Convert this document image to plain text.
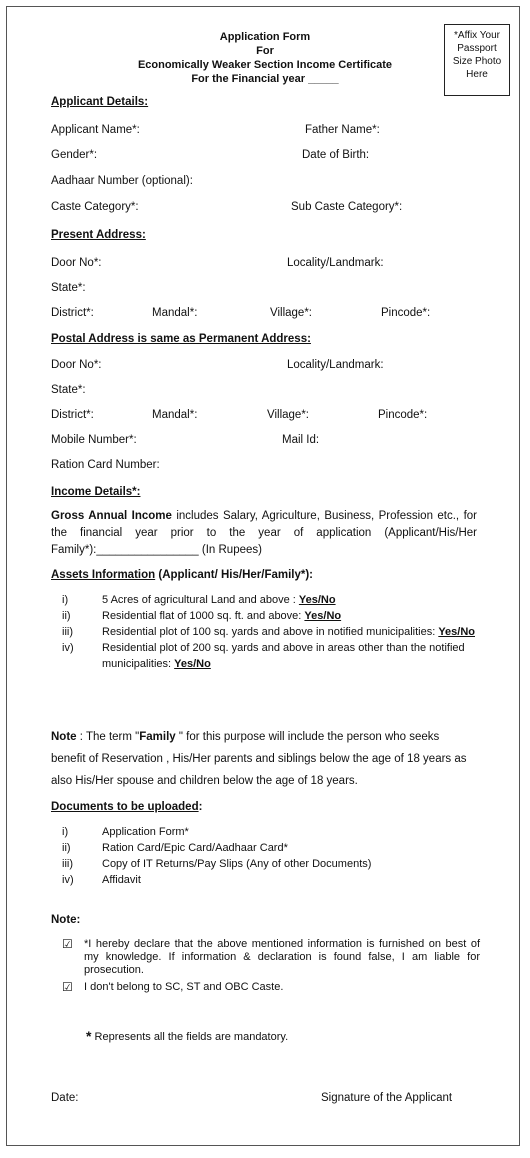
Application Form
For
Economically Weaker Section Income Certificate
For the Financial year _____
*Affix Your
Passport
Size Photo
Here
Applicant Details:
Applicant Name*:	Father Name*:
Gender*:	Date of Birth:
Aadhaar Number (optional):
Caste Category*:	Sub Caste Category*:
Present Address:
Door No*:	Locality/Landmark:
State*:
District*:	Mandal*:	Village*:	Pincode*:
Postal Address is same as Permanent Address:
Door No*:	Locality/Landmark:
State*:
District*:	Mandal*:	Village*:	Pincode*:
Mobile Number*:	Mail Id:
Ration Card Number:
Income Details*:
Gross Annual Income includes Salary, Agriculture, Business, Profession etc., for the financial year prior to the year of application (Applicant/His/Her Family*):________________ (In Rupees)
Assets Information (Applicant/ His/Her/Family*):
i)	5 Acres of agricultural Land and above : Yes/No
ii)	Residential flat of 1000 sq. ft. and above: Yes/No
iii)	Residential plot of 100 sq. yards and above in notified municipalities: Yes/No
iv)	Residential plot of 200 sq. yards and above in areas other than the notified municipalities: Yes/No
Note : The term "Family " for this purpose will include the person who seeks benefit of Reservation , His/Her parents and siblings below the age of 18 years as also His/Her spouse and children below the age of 18 years.
Documents to be uploaded:
i)	Application Form*
ii)	Ration Card/Epic Card/Aadhaar Card*
iii)	Copy of IT Returns/Pay Slips (Any of other Documents)
iv)	Affidavit
Note:
☑	*I hereby declare that the above mentioned information is furnished on best of my knowledge. If information & declaration is found false, I am liable for prosecution.
☑	I don't belong to SC, ST and OBC Caste.
* Represents all the fields are mandatory.
Date:	Signature of the Applicant
